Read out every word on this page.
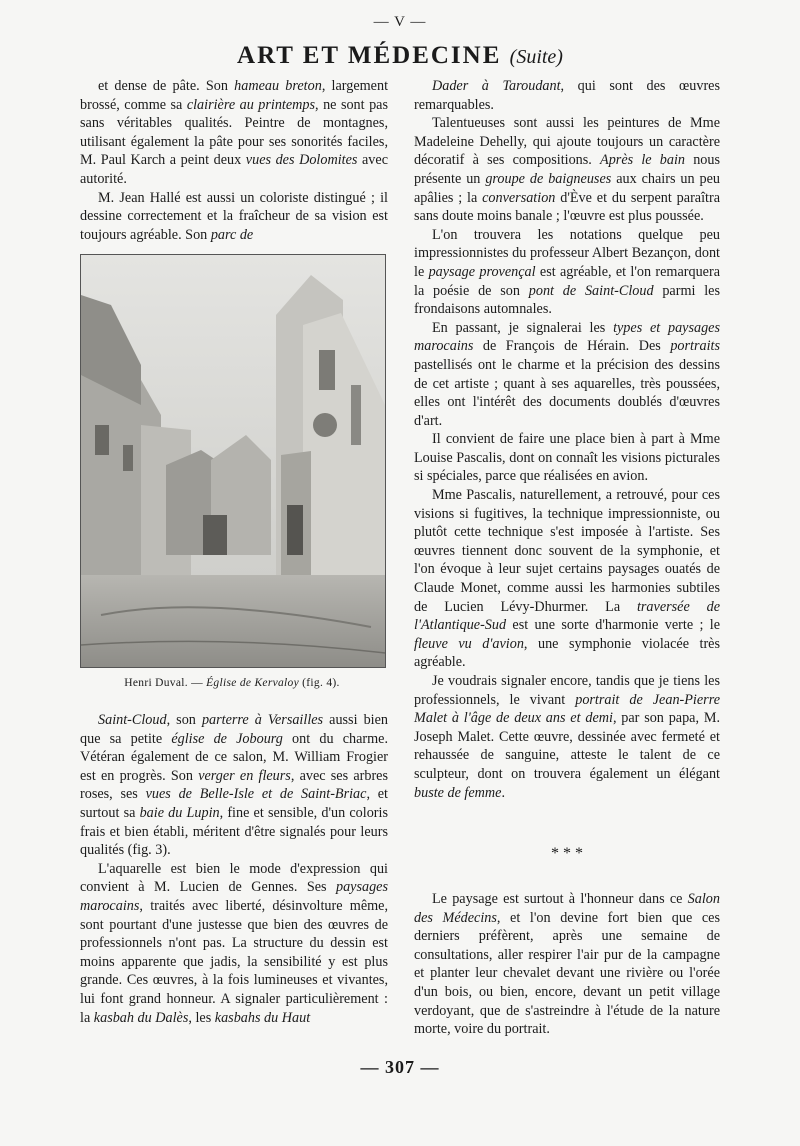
— V —
ART ET MÉDECINE (Suite)

et dense de pâte. Son hameau breton, largement brossé, comme sa clairière au printemps, ne sont pas sans véritables qualités. Peintre de montagnes, utilisant également la pâte pour ses sonorités faciles, M. Paul Karch a peint deux vues des Dolomites avec autorité.

M. Jean Hallé est aussi un coloriste distingué ; il dessine correctement et la fraîcheur de sa vision est toujours agréable. Son parc de

Henri Duval. — Église de Kervaloy (fig. 4).

Saint-Cloud, son parterre à Versailles aussi bien que sa petite église de Jobourg ont du charme. Vétéran également de ce salon, M. William Frogier est en progrès. Son verger en fleurs, avec ses arbres roses, ses vues de Belle-Isle et de Saint-Briac, et surtout sa baie du Lupin, fine et sensible, d'un coloris frais et bien établi, méritent d'être signalés pour leurs qualités (fig. 3).

L'aquarelle est bien le mode d'expression qui convient à M. Lucien de Gennes. Ses paysages marocains, traités avec liberté, désinvolture même, sont pourtant d'une justesse que bien des œuvres de professionnels n'ont pas. La structure du dessin est moins apparente que jadis, la sensibilité y est plus grande. Ces œuvres, à la fois lumineuses et vivantes, lui font grand honneur. A signaler particulièrement : la kasbah du Dalès, les kasbahs du Haut

Dader à Taroudant, qui sont des œuvres remarquables.

Talentueuses sont aussi les peintures de Mme Madeleine Dehelly, qui ajoute toujours un caractère décoratif à ses compositions. Après le bain nous présente un groupe de baigneuses aux chairs un peu apâlies ; la conversation d'Ève et du serpent paraîtra sans doute moins banale ; l'œuvre est plus poussée.

L'on trouvera les notations quelque peu impressionnistes du professeur Albert Bezançon, dont le paysage provençal est agréable, et l'on remarquera la poésie de son pont de Saint-Cloud parmi les frondaisons automnales.

En passant, je signalerai les types et paysages marocains de François de Hérain. Des portraits pastellisés ont le charme et la précision des dessins de cet artiste ; quant à ses aquarelles, très poussées, elles ont l'intérêt des documents doublés d'œuvres d'art.

Il convient de faire une place bien à part à Mme Louise Pascalis, dont on connaît les visions picturales si spéciales, parce que réalisées en avion.

Mme Pascalis, naturellement, a retrouvé, pour ces visions si fugitives, la technique impressionniste, ou plutôt cette technique s'est imposée à l'artiste. Ses œuvres tiennent donc souvent de la symphonie, et l'on évoque à leur sujet certains paysages ouatés de Claude Monet, comme aussi les harmonies subtiles de Lucien Lévy-Dhurmer. La traversée de l'Atlantique-Sud est une sorte d'harmonie verte ; le fleuve vu d'avion, une symphonie violacée très agréable.

Je voudrais signaler encore, tandis que je tiens les professionnels, le vivant portrait de Jean-Pierre Malet à l'âge de deux ans et demi, par son papa, M. Joseph Malet. Cette œuvre, dessinée avec fermeté et rehaussée de sanguine, atteste le talent de ce sculpteur, dont on trouvera également un élégant buste de femme.

* * *

Le paysage est surtout à l'honneur dans ce Salon des Médecins, et l'on devine fort bien que ces derniers préfèrent, après une semaine de consultations, aller respirer l'air pur de la campagne et planter leur chevalet devant une rivière ou l'orée d'un bois, ou bien, encore, devant un petit village verdoyant, que de s'astreindre à l'étude de la nature morte, voire du portrait.

— 307 —
